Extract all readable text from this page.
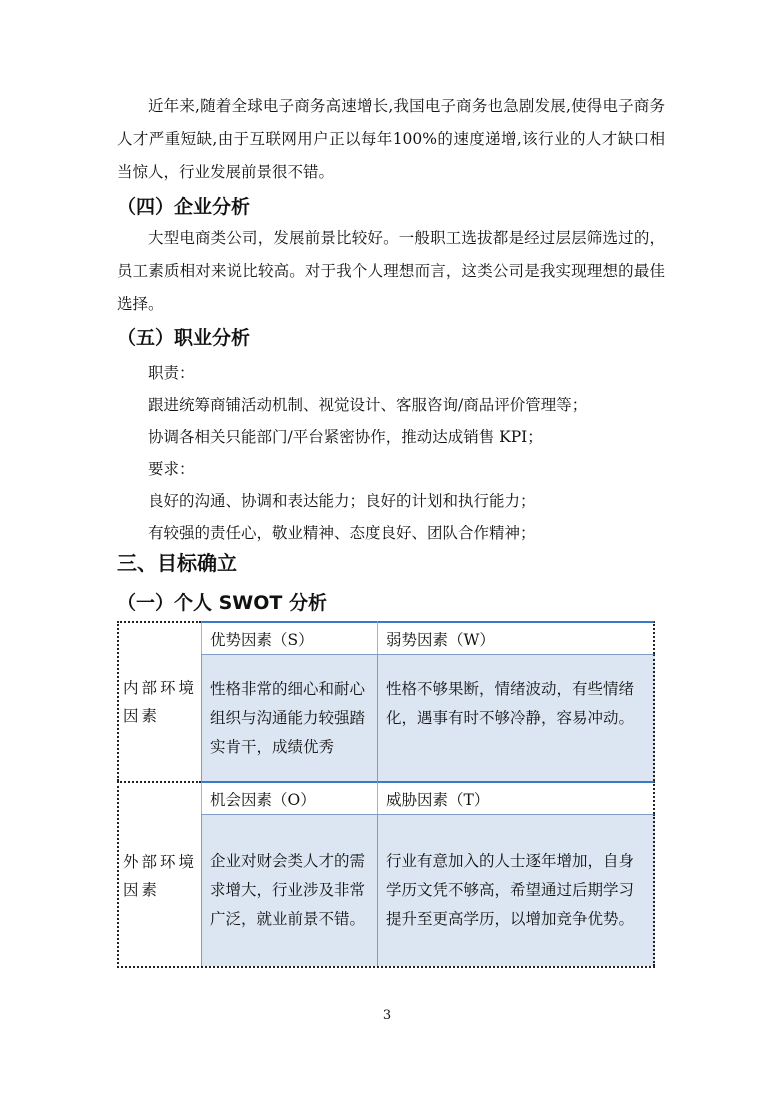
近年来,随着全球电子商务高速增长,我国电子商务也急剧发展,使得电子商务人才严重短缺,由于互联网用户正以每年100%的速度递增,该行业的人才缺口相当惊人，行业发展前景很不错。

（四）企业分析

大型电商类公司，发展前景比较好。一般职工选拔都是经过层层筛选过的，员工素质相对来说比较高。对于我个人理想而言，这类公司是我实现理想的最佳选择。

（五）职业分析

职责：

跟进统筹商铺活动机制、视觉设计、客服咨询/商品评价管理等；

协调各相关只能部门/平台紧密协作，推动达成销售 KPI；

要求：

良好的沟通、协调和表达能力；良好的计划和执行能力；

有较强的责任心，敬业精神、态度良好、团队合作精神；

三、目标确立
（一）个人 SWOT 分析
内部环境因素
优势因素（S）	弱势因素（W）
性格非常的细心和耐心组织与沟通能力较强踏实肯干，成绩优秀
性格不够果断，情绪波动，有些情绪化，遇事有时不够冷静，容易冲动。
外部环境因素
机会因素（O）	威胁因素（T）
企业对财会类人才的需求增大，行业涉及非常广泛，就业前景不错。
行业有意加入的人士逐年增加，自身学历文凭不够高，希望通过后期学习提升至更高学历，以增加竞争优势。
3
